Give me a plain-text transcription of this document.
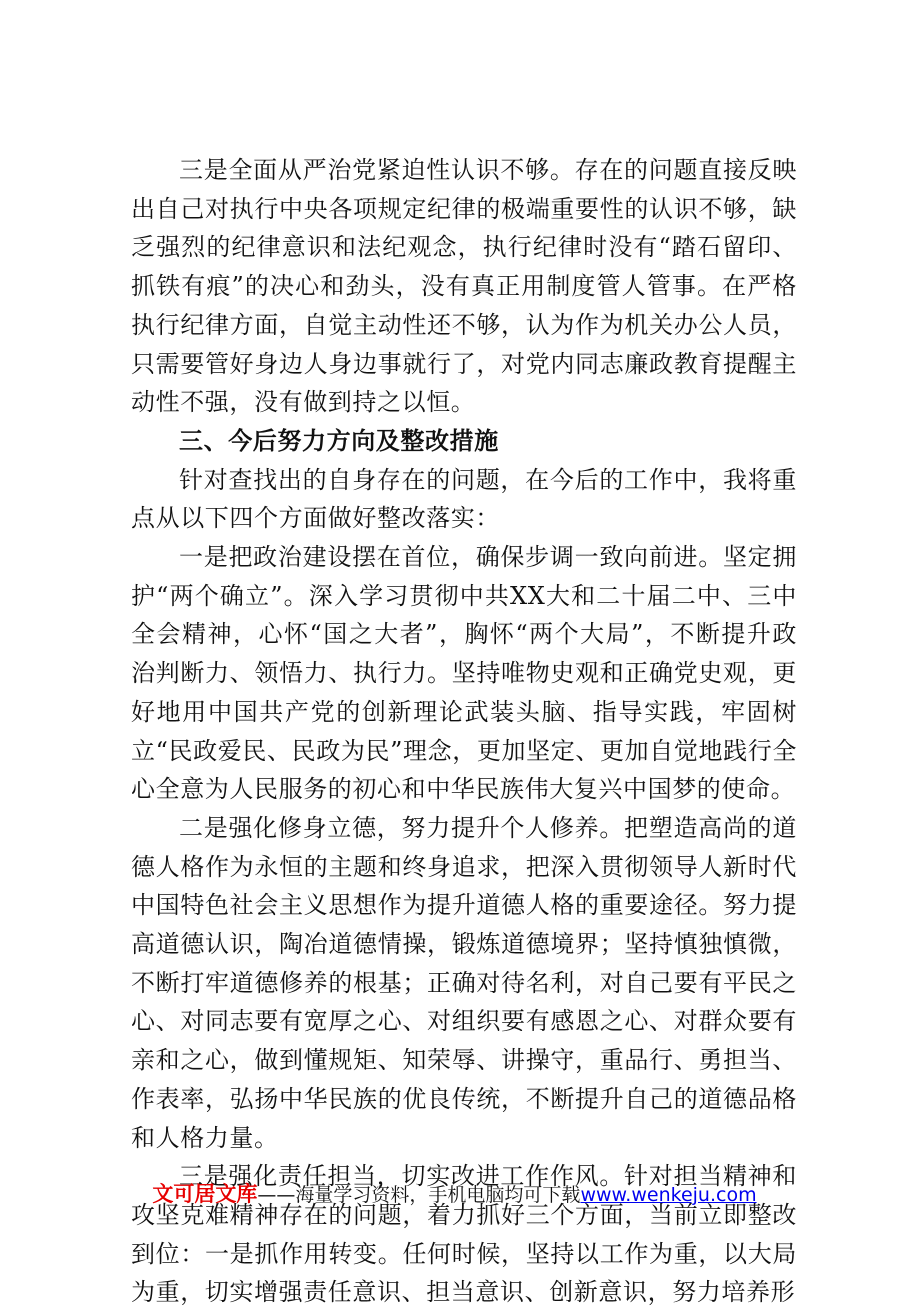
三是全面从严治党紧迫性认识不够。存在的问题直接反映出自己对执行中央各项规定纪律的极端重要性的认识不够，缺乏强烈的纪律意识和法纪观念，执行纪律时没有“踏石留印、抓铁有痕”的决心和劲头，没有真正用制度管人管事。在严格执行纪律方面，自觉主动性还不够，认为作为机关办公人员，只需要管好身边人身边事就行了，对党内同志廉政教育提醒主动性不强，没有做到持之以恒。

三、今后努力方向及整改措施

针对查找出的自身存在的问题，在今后的工作中，我将重点从以下四个方面做好整改落实：

一是把政治建设摆在首位，确保步调一致向前进。坚定拥护“两个确立”。深入学习贯彻中共XX大和二十届二中、三中全会精神，心怀“国之大者”，胸怀“两个大局”，不断提升政治判断力、领悟力、执行力。坚持唯物史观和正确党史观，更好地用中国共产党的创新理论武装头脑、指导实践，牢固树立“民政爱民、民政为民”理念，更加坚定、更加自觉地践行全心全意为人民服务的初心和中华民族伟大复兴中国梦的使命。

二是强化修身立德，努力提升个人修养。把塑造高尚的道德人格作为永恒的主题和终身追求，把深入贯彻领导人新时代中国特色社会主义思想作为提升道德人格的重要途径。努力提高道德认识，陶冶道德情操，锻炼道德境界；坚持慎独慎微，不断打牢道德修养的根基；正确对待名利，对自己要有平民之心、对同志要有宽厚之心、对组织要有感恩之心、对群众要有亲和之心，做到懂规矩、知荣辱、讲操守，重品行、勇担当、作表率，弘扬中华民族的优良传统，不断提升自己的道德品格和人格力量。

三是强化责任担当，切实改进工作作风。针对担当精神和攻坚克难精神存在的问题，着力抓好三个方面，当前立即整改到位：一是抓作用转变。任何时候，坚持以工作为重，以大局为重，切实增强责任意识、担当意识、创新意识，努力培养形

文可居文库——海量学习资料，手机电脑均可下载www.wenkeju.com
